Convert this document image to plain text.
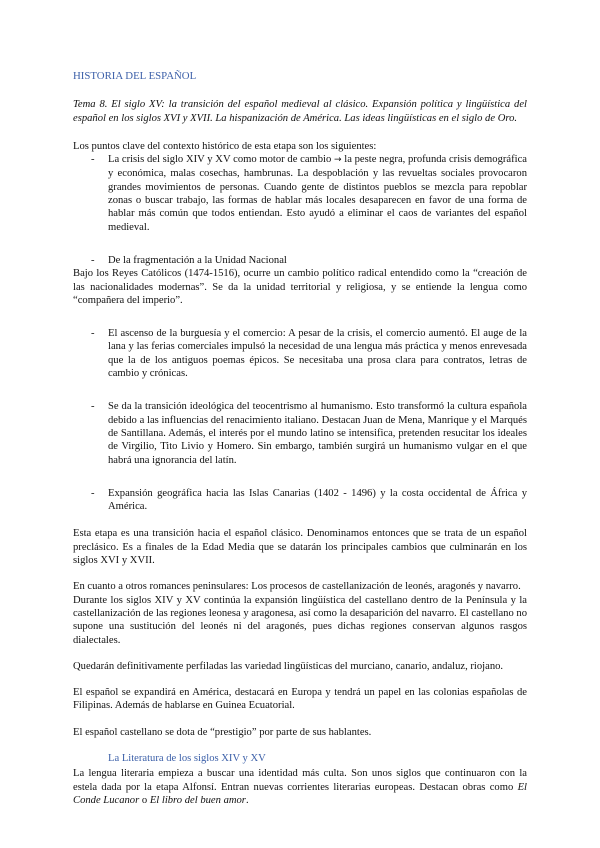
HISTORIA DEL ESPAÑOL

Tema 8. El siglo XV: la transición del español medieval al clásico. Expansión política y lingüística del español en los siglos XVI y XVII. La hispanización de América. Las ideas lingüísticas en el siglo de Oro.

Los puntos clave del contexto histórico de esta etapa son los siguientes:

- La crisis del siglo XIV y XV como motor de cambio → la peste negra, profunda crisis demográfica y económica, malas cosechas, hambrunas. La despoblación y las revueltas sociales provocaron grandes movimientos de personas. Cuando gente de distintos pueblos se mezcla para repoblar zonas o buscar trabajo, las formas de hablar más locales desaparecen en favor de una forma de hablar más común que todos entiendan. Esto ayudó a eliminar el caos de variantes del español medieval.
- De la fragmentación a la Unidad Nacional

Bajo los Reyes Católicos (1474-1516), ocurre un cambio político radical entendido como la “creación de las nacionalidades modernas”. Se da la unidad territorial y religiosa, y se entiende la lengua como “compañera del imperio”.

- El ascenso de la burguesía y el comercio: A pesar de la crisis, el comercio aumentó. El auge de la lana y las ferias comerciales impulsó la necesidad de una lengua más práctica y menos enrevesada que la de los antiguos poemas épicos. Se necesitaba una prosa clara para contratos, letras de cambio y crónicas.
- Se da la transición ideológica del teocentrismo al humanismo. Esto transformó la cultura española debido a las influencias del renacimiento italiano. Destacan Juan de Mena, Manrique y el Marqués de Santillana. Además, el interés por el mundo latino se intensifica, pretenden resucitar los ideales de Virgilio, Tito Livio y Homero. Sin embargo, también surgirá un humanismo vulgar en el que habrá una ignorancia del latín.
- Expansión geográfica hacia las Islas Canarias (1402 - 1496) y la costa occidental de África y América.

Esta etapa es una transición hacia el español clásico. Denominamos entonces que se trata de un español preclásico. Es a finales de la Edad Media que se datarán los principales cambios que culminarán en los siglos XVI y XVII.

En cuanto a otros romances peninsulares: Los procesos de castellanización de leonés, aragonés y navarro.

Durante los siglos XIV y XV continúa la expansión lingüística del castellano dentro de la Península y la castellanización de las regiones leonesa y aragonesa, así como la desaparición del navarro. El castellano no supone una sustitución del leonés ni del aragonés, pues dichas regiones conservan algunos rasgos dialectales.

Quedarán definitivamente perfiladas las variedad lingüísticas del murciano, canario, andaluz, riojano.

El español se expandirá en América, destacará en Europa y tendrá un papel en las colonias españolas de Filipinas. Además de hablarse en Guinea Ecuatorial.

El español castellano se dota de “prestigio” por parte de sus hablantes.

La Literatura de los siglos XIV y XV

La lengua literaria empieza a buscar una identidad más culta. Son unos siglos que continuaron con la estela dada por la etapa Alfonsí. Entran nuevas corrientes literarias europeas. Destacan obras como El Conde Lucanor o El libro del buen amor.
